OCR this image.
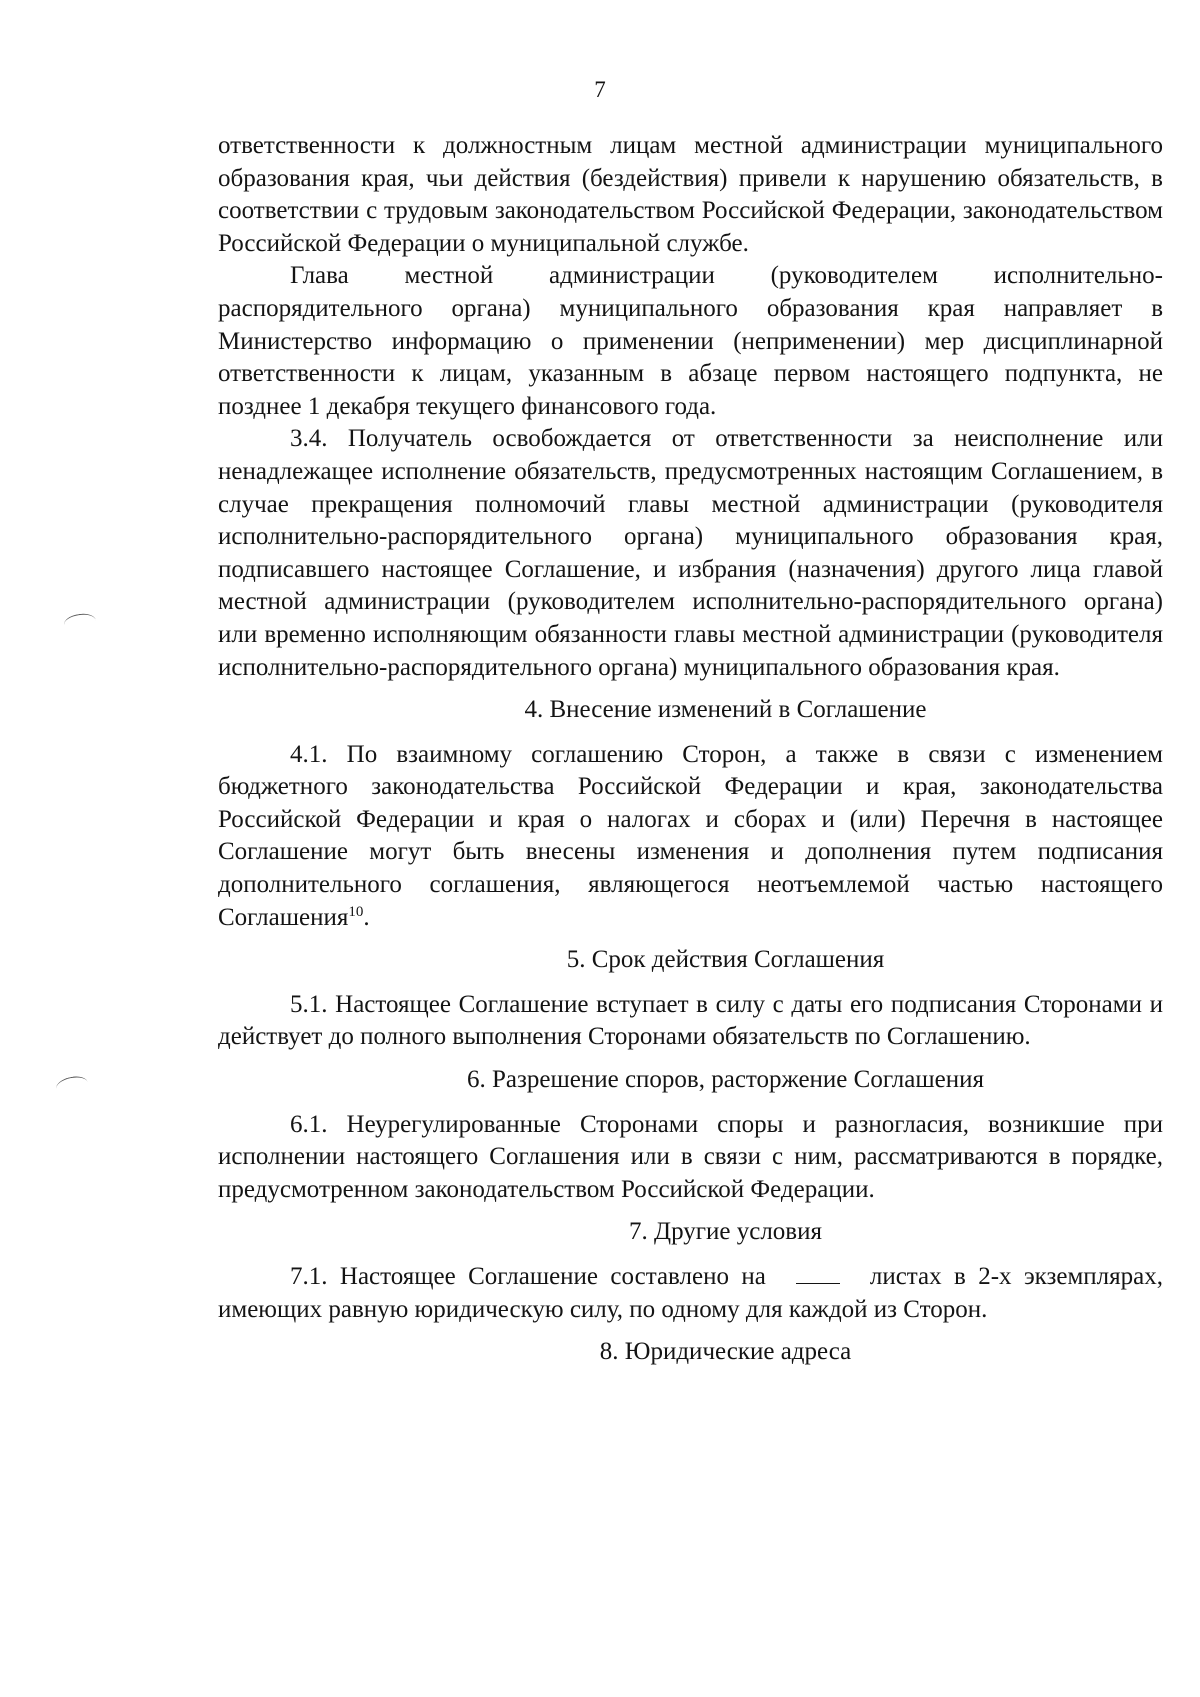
7

ответственности к должностным лицам местной администрации муниципального образования края, чьи действия (бездействия) привели к нарушению обязательств, в соответствии с трудовым законодательством Российской Федерации, законодательством Российской Федерации о муниципальной службе.

Глава местной администрации (руководителем исполнительно-распорядительного органа) муниципального образования края направляет в Министерство информацию о применении (неприменении) мер дисциплинарной ответственности к лицам, указанным в абзаце первом настоящего подпункта, не позднее 1 декабря текущего финансового года.

3.4. Получатель освобождается от ответственности за неисполнение или ненадлежащее исполнение обязательств, предусмотренных настоящим Соглашением, в случае прекращения полномочий главы местной администрации (руководителя исполнительно-распорядительного органа) муниципального образования края, подписавшего настоящее Соглашение, и избрания (назначения) другого лица главой местной администрации (руководителем исполнительно-распорядительного органа) или временно исполняющим обязанности главы местной администрации (руководителя исполнительно-распорядительного органа) муниципального образования края.

4. Внесение изменений в Соглашение

4.1. По взаимному соглашению Сторон, а также в связи с изменением бюджетного законодательства Российской Федерации и края, законодательства Российской Федерации и края о налогах и сборах и (или) Перечня в настоящее Соглашение могут быть внесены изменения и дополнения путем подписания дополнительного соглашения, являющегося неотъемлемой частью настоящего Соглашения$^{10}$.

5. Срок действия Соглашения

5.1. Настоящее Соглашение вступает в силу с даты его подписания Сторонами и действует до полного выполнения Сторонами обязательств по Соглашению.

6. Разрешение споров, расторжение Соглашения

6.1. Неурегулированные Сторонами споры и разногласия, возникшие при исполнении настоящего Соглашения или в связи с ним, рассматриваются в порядке, предусмотренном законодательством Российской Федерации.

7. Другие условия

7.1. Настоящее Соглашение составлено на	листах в 2-х экземплярах, имеющих равную юридическую силу, по одному для каждой из Сторон.

8. Юридические адреса
